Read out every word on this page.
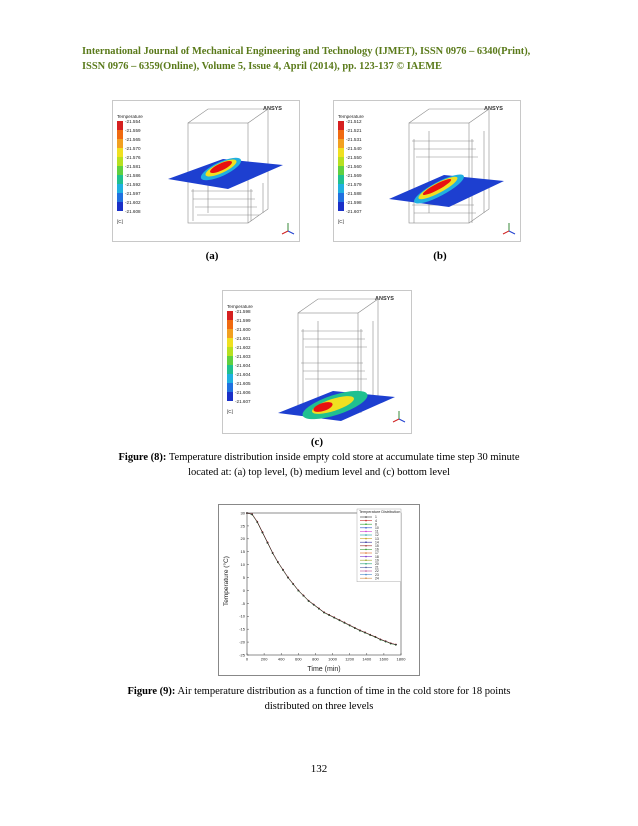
International Journal of Mechanical Engineering and Technology (IJMET), ISSN 0976 – 6340(Print),
ISSN 0976 – 6359(Online), Volume 5, Issue 4, April (2014), pp. 123-137 © IAEME
Temperature
-21.554
-21.559
-21.565
-21.570
-21.576
-21.581
-21.586
-21.592
-21.597
-21.602
-21.608
[C]
ANSYS
Temperature
-21.512
-21.521
-21.531
-21.540
-21.550
-21.560
-21.569
-21.579
-21.588
-21.598
-21.607
[C]
ANSYS
(a)	(b)
Temperature
-21.598
-21.599
-21.600
-21.601
-21.602
-21.603
-21.604
-21.604
-21.605
-21.606
-21.607
[C]
ANSYS
(c)
Figure (8): Temperature distribution inside empty cold store at accumulate time step 30 minute
located at: (a) top level, (b) medium level and (c) bottom level
Temperature (°C)
Time (min)
30
25
20
15
10
5
0
-5
-10
-15
-20
-25
0	200	400	600	800 1000 1200 1400 1600 1800
Temperature Distribution
1
4
8
10
11
12
13
14
15
16
17
18
19
20
21
22
23
24
Figure (9): Air temperature distribution as a function of time in the cold store for 18 points
distributed on three levels
132
